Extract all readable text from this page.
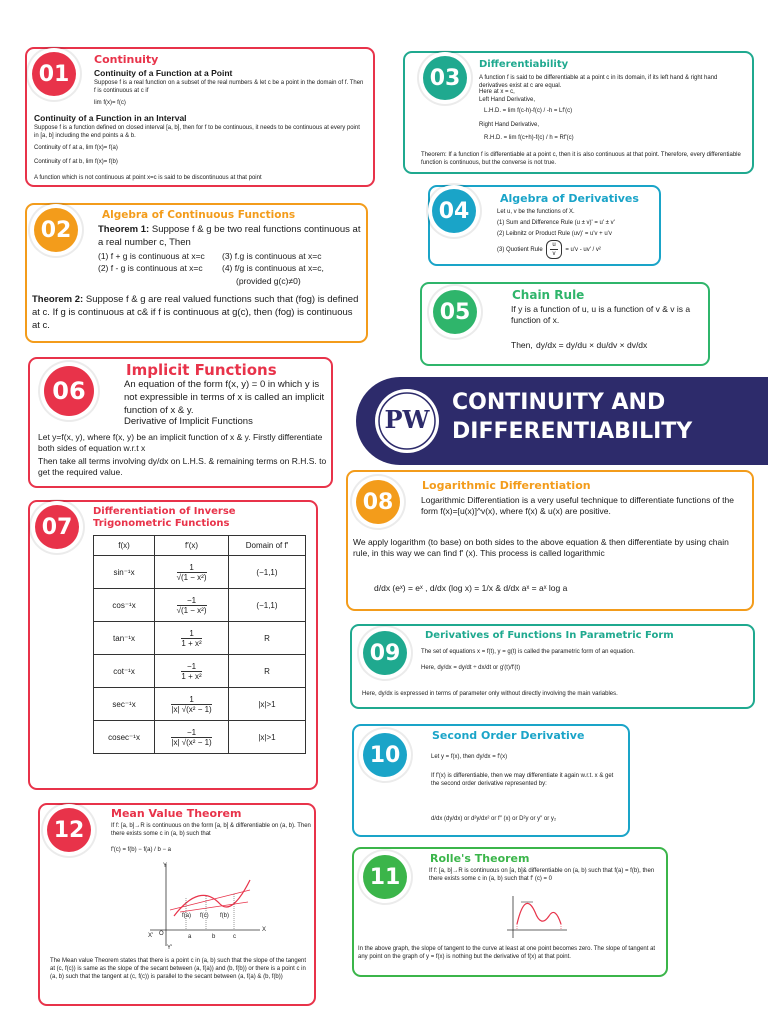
01
Continuity
Continuity of a Function at a Point
Suppose f is a real function on a subset of the real numbers & let c be a point in the domain of f. Then f is continuous at c if
lim f(x)= f(c)
Continuity of a Function in an Interval
Suppose f is a function defined on closed interval [a, b], then for f to be continuous, it needs to be continuous at every point in [a, b] including the end points a & b.
Continuity of f at a, lim f(x)= f(a)
Continuity of f at b, lim f(x)= f(b)
A function which is not continuous at point x=c is said to be discontinuous at that point
02
Algebra of Continuous Functions
Theorem 1: Suppose f & g be two real functions continuous at a real number c, Then
(1) f + g is continuous at x=c
(2) f - g is continuous at x=c
(3) f.g is continuous at x=c
(4) f/g is continuous at x=c,
(provided g(c)≠0)
Theorem 2: Suppose f & g are real valued functions such that (fog) is defined at c. If g is continuous at c& if f is continuous at g(c), then (fog) is continuous at c.
03
Differentiability
A function f is said to be differentiable at a point c in its domain, if its left hand & right hand derivatives exist at c are equal.
Here at x = c,
Left Hand Derivative,
L.H.D. = lim f(c-h)-f(c) / -h = Lf'(c)
Right Hand Derivative,
R.H.D. = lim f(c+h)-f(c) / h = Rf'(c)
Theorem: If a function f is differentiable at a point c, then it is also continuous at that point. Therefore, every differentiable function is continuous, but the converse is not true.
04	Algebra of Derivatives
Let u, v be the functions of X.
(1) Sum and Difference Rule (u ± v)' = u' ± v'
(2) Leibnitz or Product Rule (uv)' = u'v + u'v
(3) Quotient Rule $\frac{u}{v} = u'v - uv' / v^2$
05
Chain Rule
If y is a function of u, u is a function of v & v is a function of x.
Then, dy/dx = dy/du × du/dv × dv/dx
06
Implicit Functions
An equation of the form f(x, y) = 0 in which y is not expressible in terms of x is called an implicit function of x & y.
Derivative of Implicit Functions
Let y=f(x, y), where f(x, y) be an implicit function of x & y. Firstly differentiate both sides of equation w.r.t x
Then take all terms involving dy/dx on L.H.S. & remaining terms on R.H.S. to get the required value.
PW
CONTINUITY AND
DIFFERENTIABILITY
07
Differentiation of Inverse
Trigonometric Functions
f(x)	f′(x)	Domain of f′
sin⁻¹x	$\frac{1}{\text{√(1 − x²)}}$	(−1,1)
cos⁻¹x	$\frac{-1}{\text{√(1 − x²)}}$	(−1,1)
tan⁻¹x	$\frac{1}{\text{1 + x²}}$	R
cot⁻¹x	$\frac{-1}{\text{1 + x²}}$	R
sec⁻¹x	$\frac{1}{\text{|x| √(x² − 1)}}$	|x|>1
cosec⁻¹x	$\frac{-1}{\text{|x| √(x² − 1)}}$	|x|>1
08
Logarithmic Differentiation
Logarithmic Differentiation is a very useful technique to differentiate functions of the form f(x)=[u(x)]^v(x), where f(x) & u(x) are positive.
We apply logarithm (to base) on both sides to the above equation & then differentiate by using chain rule, in this way we can find f′ (x). This process is called logarithmic
d/dx (eˣ) = eˣ , d/dx (log x) = 1/x & d/dx aˣ = aˣ log a
09
Derivatives of Functions In Parametric Form
The set of equations x = f(t), y = g(t) is called the parametric form of an equation.
Here, dy/dx = dy/dt ÷ dx/dt or g′(t)/f′(t)
Here, dy/dx is expressed in terms of parameter only without directly involving the main variables.
10
Second Order Derivative
Let y = f(x), then dy/dx = f′(x)
If f′(x) is differentiable, then we may differentiate it again w.r.t. x & get the second order derivative represented by:
d/dx (dy/dx) or d²y/dx² or f″ (x) or D²y or y″ or y₂
11
Rolle's Theorem
If f: [a, b]→R is continuous on [a, b]& differentiable on (a, b) such that f(a) = f(b), then there exists some c in (a, b) such that f′ (c) = 0
In the above graph, the slope of tangent to the curve at least at one point becomes zero. The slope of tangent at any point on the graph of y = f(x) is nothing but the derivative of f(x) at that point.
12
Mean Value Theorem
If f: [a, b]→R is continuous on the form [a, b] & differentiable on (a, b). Then there exists some c in (a, b) such that
f′(c) = f(b) − f(a) / b − a
Y
X
X'
Y'
O
f(a) f(c) f(b)
a	b	c
The Mean value Theorem states that there is a point c in (a, b) such that the slope of the tangent at (c, f(c)) is same as the slope of the secant between (a, f(a)) and (b, f(b)) or there is a point c in (a, b) such that the tangent at (c, f(c)) is parallel to the secant between (a, f(a) & (b, f(b))
